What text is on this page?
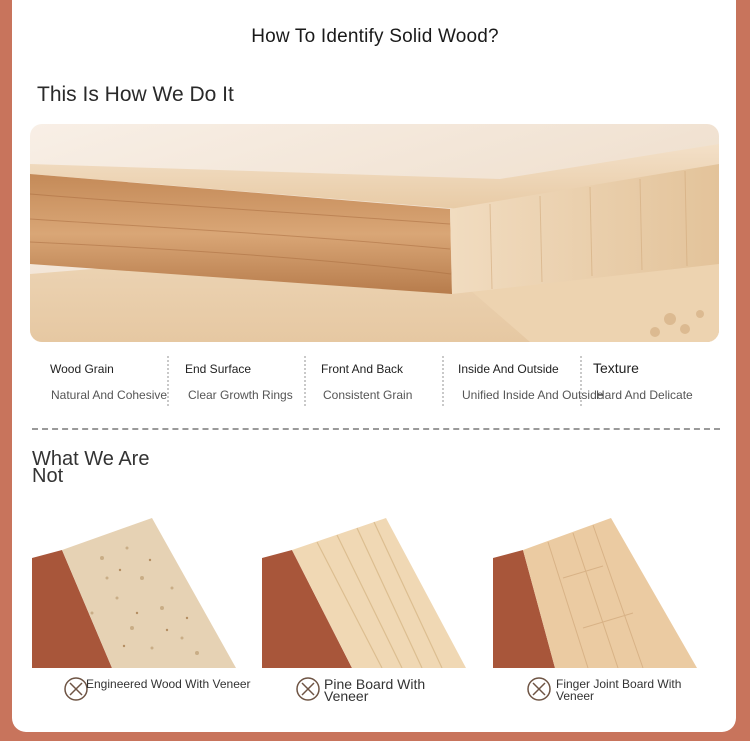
How To Identify Solid Wood?
This Is How We Do It
Wood Grain
Natural And Cohesive
End Surface
Clear Growth Rings
Front And Back
Consistent Grain
Inside And Outside
Unified Inside And Outside
Texture
Hard And Delicate
What We Are Not
Engineered Wood With Veneer	Pine Board With Veneer
Finger Joint Board With Veneer
